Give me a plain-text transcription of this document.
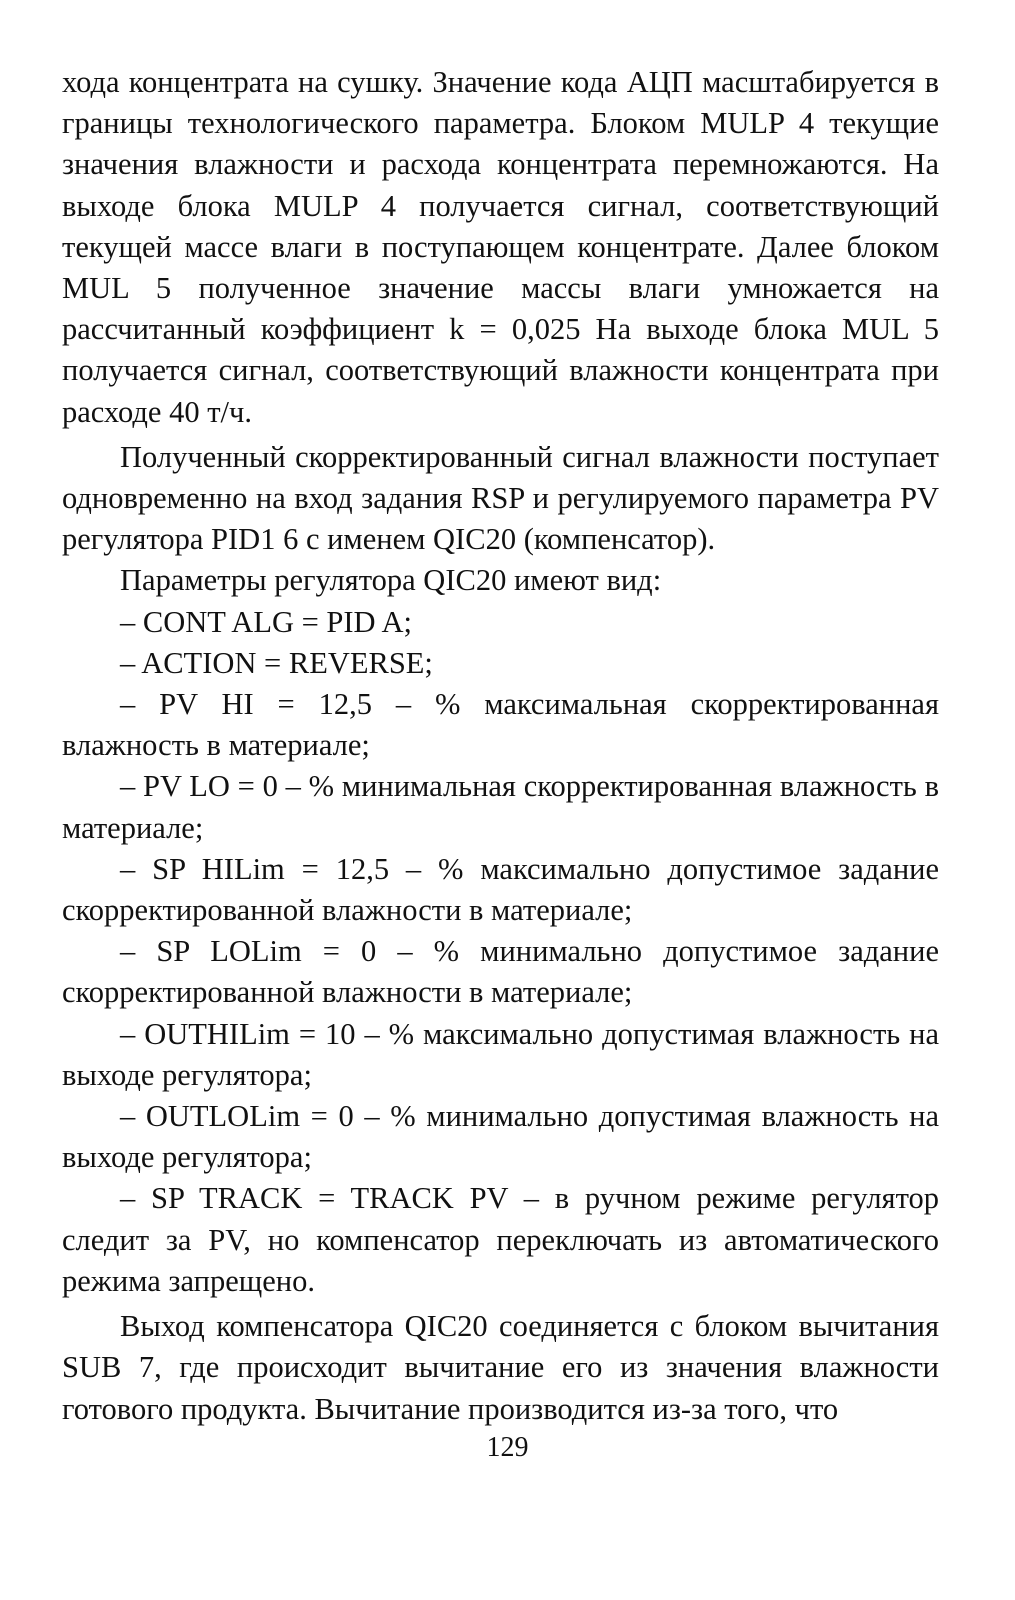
хода концентрата на сушку. Значение кода АЦП масштабируется в границы технологического параметра. Блоком MULP 4 текущие значения влажности и расхода концентрата перемножаются. На выходе блока MULP 4 получается сигнал, соответствующий текущей массе влаги в поступающем концентрате. Далее блоком MUL 5 полученное значение массы влаги умножается на рассчитанный коэффициент k = 0,025 На выходе блока MUL 5 получается сигнал, соответствующий влажности концентрата при расходе 40 т/ч.

Полученный скорректированный сигнал влажности поступает одновременно на вход задания RSP и регулируемого параметра PV регулятора PID1 6 с именем QIC20 (компенсатор).

Параметры регулятора QIC20 имеют вид:

– CONT ALG = PID A;

– ACTION = REVERSE;

– PV HI = 12,5 – % максимальная скорректированная влажность в материале;

– PV LO = 0 – % минимальная скорректированная влажность в материале;

– SP HILim = 12,5 – % максимально допустимое задание скорректированной влажности в материале;

– SP LOLim = 0 – % минимально допустимое задание скорректированной влажности в материале;

– OUTHILim = 10 – % максимально допустимая влажность на выходе регулятора;

– OUTLOLim = 0 – % минимально допустимая влажность на выходе регулятора;

– SP TRACK = TRACK PV – в ручном режиме регулятор следит за PV, но компенсатор переключать из автоматического режима запрещено.

Выход компенсатора QIC20 соединяется с блоком вычитания SUB 7, где происходит вычитание его из значения влажности готового продукта. Вычитание производится из-за того, что

129
